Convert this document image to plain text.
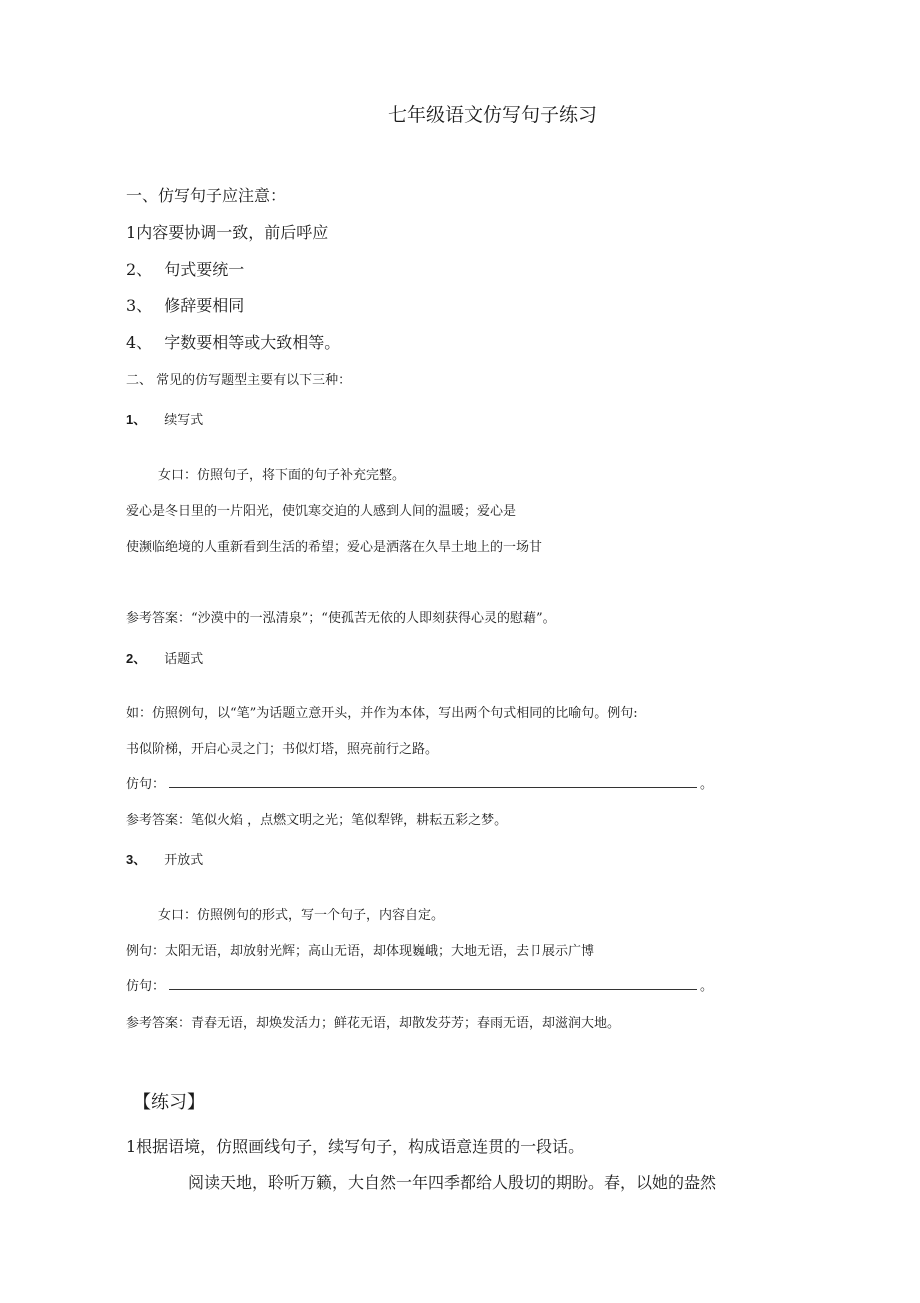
七年级语文仿写句子练习
一、仿写句子应注意：
1内容要协调一致，前后呼应
2、 句式要统一
3、 修辞要相同
4、 字数要相等或大致相等。
二、 常见的仿写题型主要有以下三种：
1、 续写式
女口：仿照句子，将下面的句子补充完整。
爱心是冬日里的一片阳光，使饥寒交迫的人感到人间的温暖；爱心是
使濒临绝境的人重新看到生活的希望；爱心是洒落在久旱土地上的一场甘
参考答案：“沙漠中的一泓清泉”；“使孤苦无依的人即刻获得心灵的慰藉”。
2、 话题式
如：仿照例句，以“笔”为话题立意开头，并作为本体，写出两个句式相同的比喻句。例句:
书似阶梯，开启心灵之门；书似灯塔，照亮前行之路。
仿句：	。
参考答案：笔似火焰 ，点燃文明之光；笔似犁铧，耕耘五彩之梦。
3、 开放式
女口：仿照例句的形式，写一个句子，内容自定。
例句：太阳无语，却放射光辉；高山无语，却体现巍峨；大地无语，去卩展示广博
仿句：	。
参考答案：青春无语，却焕发活力；鲜花无语，却散发芬芳；春雨无语，却滋润大地。
【练习】
1根据语境，仿照画线句子，续写句子，构成语意连贯的一段话。
阅读天地，聆听万籁，大自然一年四季都给人殷切的期盼。春，以她的盎然
